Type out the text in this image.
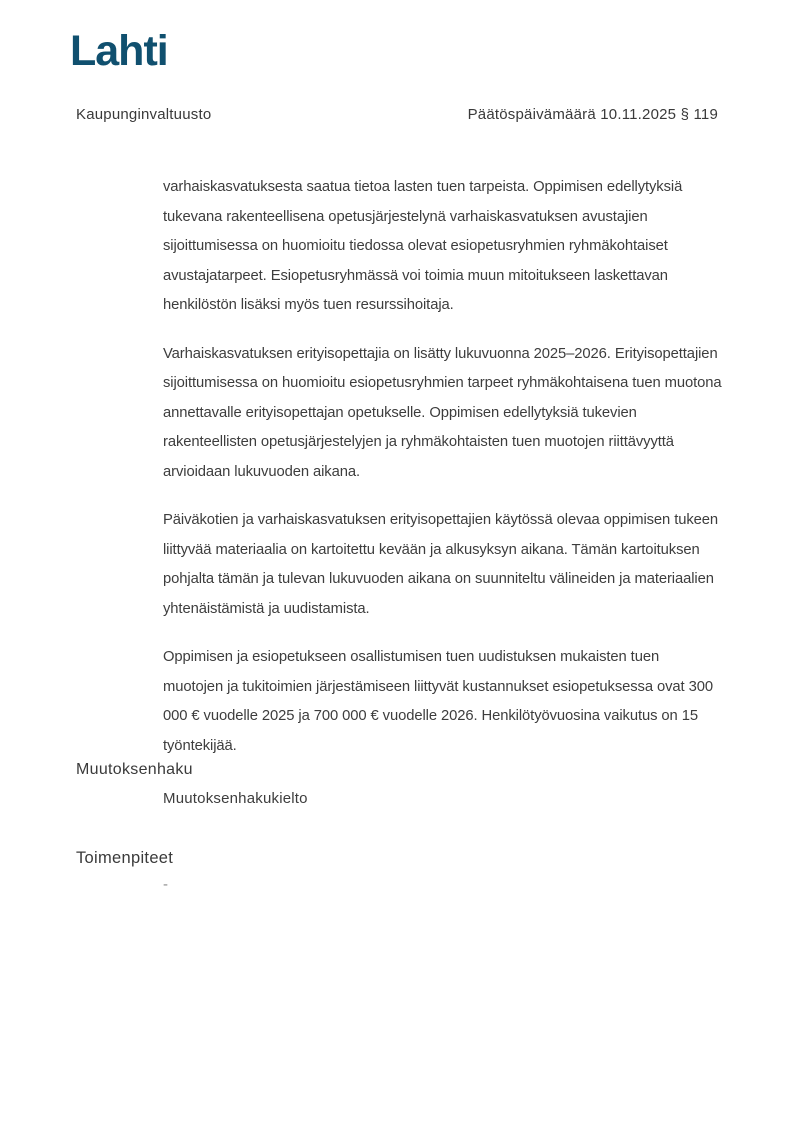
Lahti
Kaupunginvaltuusto	Päätöspäivämäärä 10.11.2025 § 119

varhaiskasvatuksesta saatua tietoa lasten tuen tarpeista. Oppimisen edellytyksiä tukevana rakenteellisena opetusjärjestelynä varhaiskasvatuksen avustajien sijoittumisessa on huomioitu tiedossa olevat esiopetusryhmien ryhmäkohtaiset avustajatarpeet. Esiopetusryhmässä voi toimia muun mitoitukseen laskettavan henkilöstön lisäksi myös tuen resurssihoitaja.

Varhaiskasvatuksen erityisopettajia on lisätty lukuvuonna 2025–2026. Erityisopettajien sijoittumisessa on huomioitu esiopetusryhmien tarpeet ryhmäkohtaisena tuen muotona annettavalle erityisopettajan opetukselle. Oppimisen edellytyksiä tukevien rakenteellisten opetusjärjestelyjen ja ryhmäkohtaisten tuen muotojen riittävyyttä arvioidaan lukuvuoden aikana.

Päiväkotien ja varhaiskasvatuksen erityisopettajien käytössä olevaa oppimisen tukeen liittyvää materiaalia on kartoitettu kevään ja alkusyksyn aikana. Tämän kartoituksen pohjalta tämän ja tulevan lukuvuoden aikana on suunniteltu välineiden ja materiaalien yhtenäistämistä ja uudistamista.

Oppimisen ja esiopetukseen osallistumisen tuen uudistuksen mukaisten tuen muotojen ja tukitoimien järjestämiseen liittyvät kustannukset esiopetuksessa ovat 300 000 € vuodelle 2025 ja 700 000 € vuodelle 2026. Henkilötyövuosina vaikutus on 15 työntekijää.

Muutoksenhaku
Muutoksenhakukielto
Toimenpiteet
-
